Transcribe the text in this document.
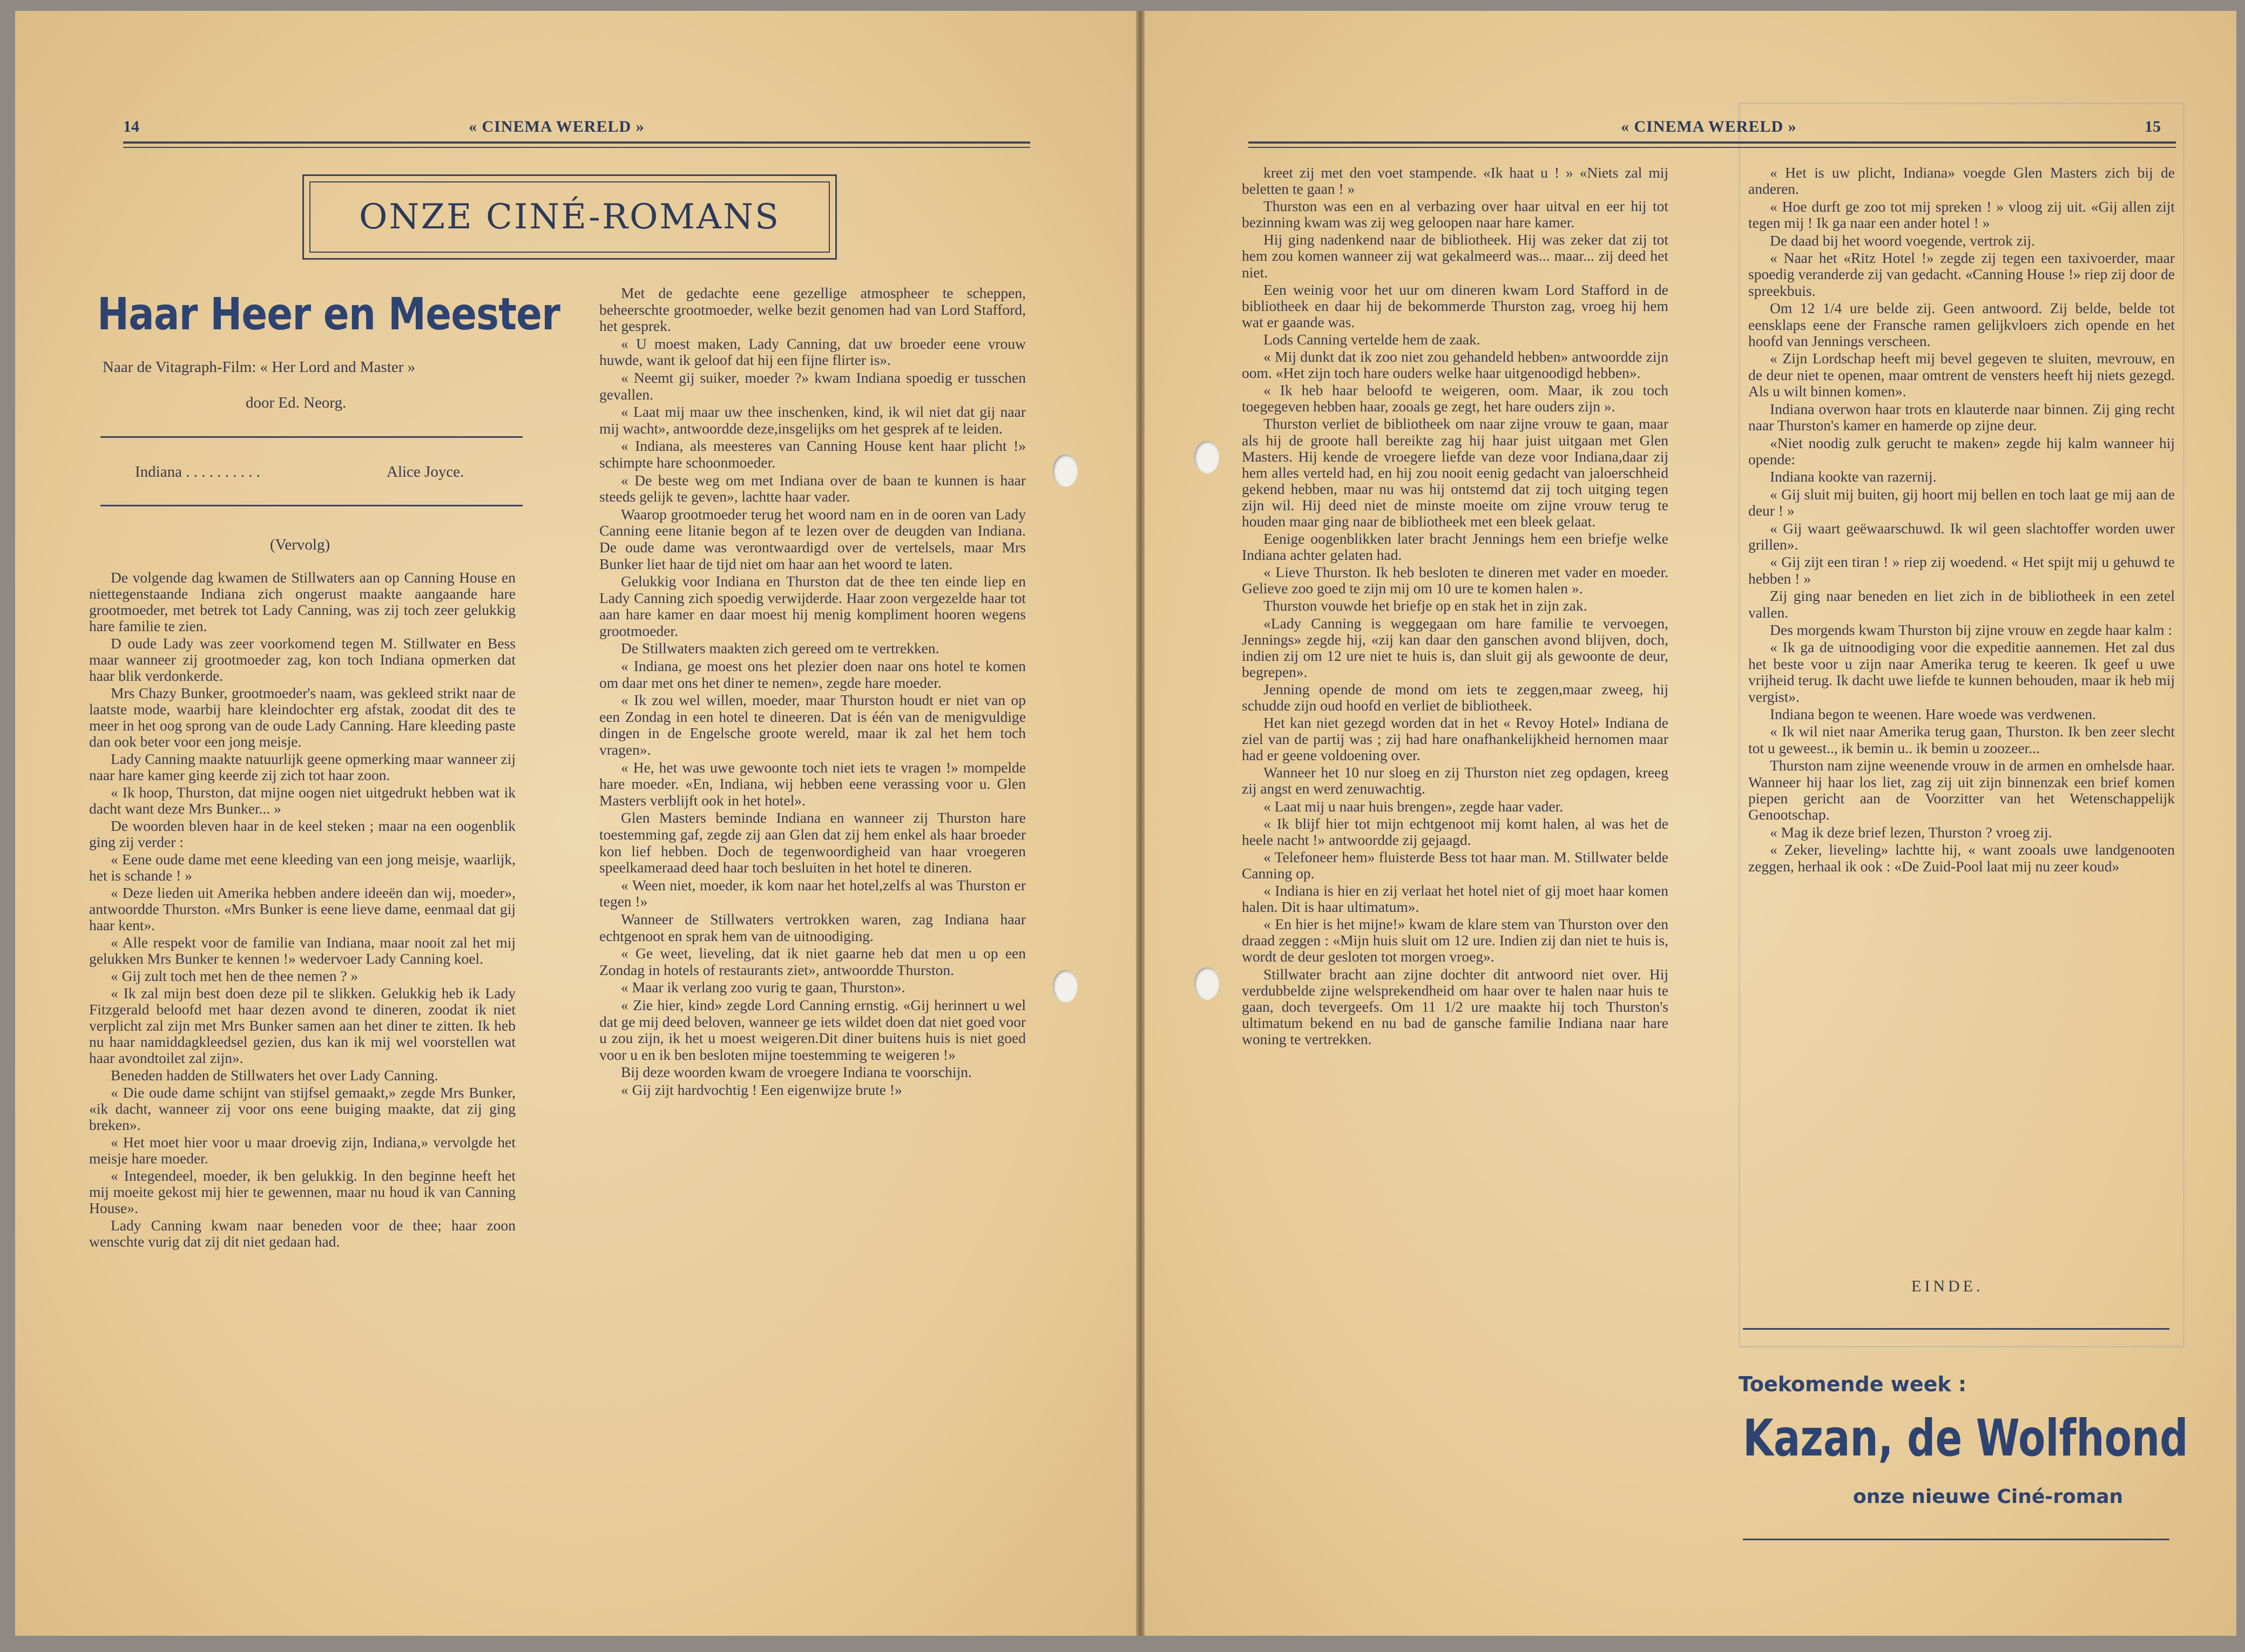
14	« CINEMA WERELD »
ONZE CINÉ-ROMANS
Haar Heer en Meester
Naar de Vitagraph-Film: « Her Lord and Master »
door Ed. Neorg.
Indiana . . . . . . . . . .	Alice Joyce.
(Vervolg)

De volgende dag kwamen de Stillwaters aan op Canning House en niettegenstaande Indiana zich ongerust maakte aangaande hare grootmoeder, met betrek tot Lady Canning, was zij toch zeer gelukkig hare familie te zien.

D oude Lady was zeer voorkomend tegen M. Stillwater en Bess maar wanneer zij grootmoeder zag, kon toch Indiana opmerken dat haar blik verdonkerde.

Mrs Chazy Bunker, grootmoeder's naam, was gekleed strikt naar de laatste mode, waarbij hare kleindochter erg afstak, zoodat dit des te meer in het oog sprong van de oude Lady Canning. Hare kleeding paste dan ook beter voor een jong meisje.

Lady Canning maakte natuurlijk geene opmerking maar wanneer zij naar hare kamer ging keerde zij zich tot haar zoon.

« Ik hoop, Thurston, dat mijne oogen niet uitgedrukt hebben wat ik dacht want deze Mrs Bunker... »

De woorden bleven haar in de keel steken ; maar na een oogenblik ging zij verder :

« Eene oude dame met eene kleeding van een jong meisje, waarlijk, het is schande ! »

« Deze lieden uit Amerika hebben andere ideeën dan wij, moeder», antwoordde Thurston. «Mrs Bunker is eene lieve dame, eenmaal dat gij haar kent».

« Alle respekt voor de familie van Indiana, maar nooit zal het mij gelukken Mrs Bunker te kennen !» wedervoer Lady Canning koel.

« Gij zult toch met hen de thee nemen ? »

« Ik zal mijn best doen deze pil te slikken. Gelukkig heb ik Lady Fitzgerald beloofd met haar dezen avond te dineren, zoodat ik niet verplicht zal zijn met Mrs Bunker samen aan het diner te zitten. Ik heb nu haar namiddagkleedsel gezien, dus kan ik mij wel voorstellen wat haar avondtoilet zal zijn».

Beneden hadden de Stillwaters het over Lady Canning.

« Die oude dame schijnt van stijfsel gemaakt,» zegde Mrs Bunker, «ik dacht, wanneer zij voor ons eene buiging maakte, dat zij ging breken».

« Het moet hier voor u maar droevig zijn, Indiana,» vervolgde het meisje hare moeder.

« Integendeel, moeder, ik ben gelukkig. In den beginne heeft het mij moeite gekost mij hier te gewennen, maar nu houd ik van Canning House».

Lady Canning kwam naar beneden voor de thee; haar zoon wenschte vurig dat zij dit niet gedaan had.

Met de gedachte eene gezellige atmospheer te scheppen, beheerschte grootmoeder, welke bezit genomen had van Lord Stafford, het gesprek.

« U moest maken, Lady Canning, dat uw broeder eene vrouw huwde, want ik geloof dat hij een fijne flirter is».

« Neemt gij suiker, moeder ?» kwam Indiana spoedig er tusschen gevallen.

« Laat mij maar uw thee inschenken, kind, ik wil niet dat gij naar mij wacht», antwoordde deze,insgelijks om het gesprek af te leiden.

« Indiana, als meesteres van Canning House kent haar plicht !» schimpte hare schoonmoeder.

« De beste weg om met Indiana over de baan te kunnen is haar steeds gelijk te geven», lachtte haar vader.

Waarop grootmoeder terug het woord nam en in de ooren van Lady Canning eene litanie begon af te lezen over de deugden van Indiana. De oude dame was verontwaardigd over de vertelsels, maar Mrs Bunker liet haar de tijd niet om haar aan het woord te laten.

Gelukkig voor Indiana en Thurston dat de thee ten einde liep en Lady Canning zich spoedig verwijderde. Haar zoon vergezelde haar tot aan hare kamer en daar moest hij menig kompliment hooren wegens grootmoeder.

De Stillwaters maakten zich gereed om te vertrekken.

« Indiana, ge moest ons het plezier doen naar ons hotel te komen om daar met ons het diner te nemen», zegde hare moeder.

« Ik zou wel willen, moeder, maar Thurston houdt er niet van op een Zondag in een hotel te dineeren. Dat is één van de menigvuldige dingen in de Engelsche groote wereld, maar ik zal het hem toch vragen».

« He, het was uwe gewoonte toch niet iets te vragen !» mompelde hare moeder. «En, Indiana, wij hebben eene verassing voor u. Glen Masters verblijft ook in het hotel».

Glen Masters beminde Indiana en wanneer zij Thurston hare toestemming gaf, zegde zij aan Glen dat zij hem enkel als haar broeder kon lief hebben. Doch de tegenwoordigheid van haar vroegeren speelkameraad deed haar toch besluiten in het hotel te dineren.

« Ween niet, moeder, ik kom naar het hotel,zelfs al was Thurston er tegen !»

Wanneer de Stillwaters vertrokken waren, zag Indiana haar echtgenoot en sprak hem van de uitnoodiging.

« Ge weet, lieveling, dat ik niet gaarne heb dat men u op een Zondag in hotels of restaurants ziet», antwoordde Thurston.

« Maar ik verlang zoo vurig te gaan, Thurston».

« Zie hier, kind» zegde Lord Canning ernstig. «Gij herinnert u wel dat ge mij deed beloven, wanneer ge iets wildet doen dat niet goed voor u zou zijn, ik het u moest weigeren.Dit diner buitens huis is niet goed voor u en ik ben besloten mijne toestemming te weigeren !»

Bij deze woorden kwam de vroegere Indiana te voorschijn.

« Gij zijt hardvochtig ! Een eigenwijze brute !»

« CINEMA WERELD »	15

kreet zij met den voet stampende. «Ik haat u ! » «Niets zal mij beletten te gaan ! »

Thurston was een en al verbazing over haar uitval en eer hij tot bezinning kwam was zij weg geloopen naar hare kamer.

Hij ging nadenkend naar de bibliotheek. Hij was zeker dat zij tot hem zou komen wanneer zij wat gekalmeerd was... maar... zij deed het niet.

Een weinig voor het uur om dineren kwam Lord Stafford in de bibliotheek en daar hij de bekommerde Thurston zag, vroeg hij hem wat er gaande was.

Lods Canning vertelde hem de zaak.

« Mij dunkt dat ik zoo niet zou gehandeld hebben» antwoordde zijn oom. «Het zijn toch hare ouders welke haar uitgenoodigd hebben».

« Ik heb haar beloofd te weigeren, oom. Maar, ik zou toch toegegeven hebben haar, zooals ge zegt, het hare ouders zijn ».

Thurston verliet de bibliotheek om naar zijne vrouw te gaan, maar als hij de groote hall bereikte zag hij haar juist uitgaan met Glen Masters. Hij kende de vroegere liefde van deze voor Indiana,daar zij hem alles verteld had, en hij zou nooit eenig gedacht van jaloerschheid gekend hebben, maar nu was hij ontstemd dat zij toch uitging tegen zijn wil. Hij deed niet de minste moeite om zijne vrouw terug te houden maar ging naar de bibliotheek met een bleek gelaat.

Eenige oogenblikken later bracht Jennings hem een briefje welke Indiana achter gelaten had.

« Lieve Thurston. Ik heb besloten te dineren met vader en moeder. Gelieve zoo goed te zijn mij om 10 ure te komen halen ».

Thurston vouwde het briefje op en stak het in zijn zak.

«Lady Canning is weggegaan om hare familie te vervoegen, Jennings» zegde hij, «zij kan daar den ganschen avond blijven, doch, indien zij om 12 ure niet te huis is, dan sluit gij als gewoonte de deur, begrepen».

Jenning opende de mond om iets te zeggen,maar zweeg, hij schudde zijn oud hoofd en verliet de bibliotheek.

Het kan niet gezegd worden dat in het « Revoy Hotel» Indiana de ziel van de partij was ; zij had hare onafhankelijkheid hernomen maar had er geene voldoening over.

Wanneer het 10 nur sloeg en zij Thurston niet zeg opdagen, kreeg zij angst en werd zenuwachtig.

« Laat mij u naar huis brengen», zegde haar vader.

« Ik blijf hier tot mijn echtgenoot mij komt halen, al was het de heele nacht !» antwoordde zij gejaagd.

« Telefoneer hem» fluisterde Bess tot haar man. M. Stillwater belde Canning op.

« Indiana is hier en zij verlaat het hotel niet of gij moet haar komen halen. Dit is haar ultimatum».

« En hier is het mijne!» kwam de klare stem van Thurston over den draad zeggen : «Mijn huis sluit om 12 ure. Indien zij dan niet te huis is, wordt de deur gesloten tot morgen vroeg».

Stillwater bracht aan zijne dochter dit antwoord niet over. Hij verdubbelde zijne welsprekendheid om haar over te halen naar huis te gaan, doch tevergeefs. Om 11 1/2 ure maakte hij toch Thurston's ultimatum bekend en nu bad de gansche familie Indiana naar hare woning te vertrekken.

« Het is uw plicht, Indiana» voegde Glen Masters zich bij de anderen.

« Hoe durft ge zoo tot mij spreken ! » vloog zij uit. «Gij allen zijt tegen mij ! Ik ga naar een ander hotel ! »

De daad bij het woord voegende, vertrok zij.

« Naar het «Ritz Hotel !» zegde zij tegen een taxivoerder, maar spoedig veranderde zij van gedacht. «Canning House !» riep zij door de spreekbuis.

Om 12 1/4 ure belde zij. Geen antwoord. Zij belde, belde tot eensklaps eene der Fransche ramen gelijkvloers zich opende en het hoofd van Jennings verscheen.

« Zijn Lordschap heeft mij bevel gegeven te sluiten, mevrouw, en de deur niet te openen, maar omtrent de vensters heeft hij niets gezegd. Als u wilt binnen komen».

Indiana overwon haar trots en klauterde naar binnen. Zij ging recht naar Thurston's kamer en hamerde op zijne deur.

«Niet noodig zulk gerucht te maken» zegde hij kalm wanneer hij opende:

Indiana kookte van razernij.

« Gij sluit mij buiten, gij hoort mij bellen en toch laat ge mij aan de deur ! »

« Gij waart geëwaarschuwd. Ik wil geen slachtoffer worden uwer grillen».

« Gij zijt een tiran ! » riep zij woedend. « Het spijt mij u gehuwd te hebben ! »

Zij ging naar beneden en liet zich in de bibliotheek in een zetel vallen.

Des morgends kwam Thurston bij zijne vrouw en zegde haar kalm :

« Ik ga de uitnoodiging voor die expeditie aannemen. Het zal dus het beste voor u zijn naar Amerika terug te keeren. Ik geef u uwe vrijheid terug. Ik dacht uwe liefde te kunnen behouden, maar ik heb mij vergist».

Indiana begon te weenen. Hare woede was verdwenen.

« Ik wil niet naar Amerika terug gaan, Thurston. Ik ben zeer slecht tot u geweest.., ik bemin u.. ik bemin u zoozeer...

Thurston nam zijne weenende vrouw in de armen en omhelsde haar. Wanneer hij haar los liet, zag zij uit zijn binnenzak een brief komen piepen gericht aan de Voorzitter van het Wetenschappelijk Genootschap.

« Mag ik deze brief lezen, Thurston ? vroeg zij.

« Zeker, lieveling» lachtte hij, « want zooals uwe landgenooten zeggen, herhaal ik ook : «De Zuid-Pool laat mij nu zeer koud»

EINDE.
Toekomende week :
Kazan, de Wolfhond
onze nieuwe Ciné-roman
